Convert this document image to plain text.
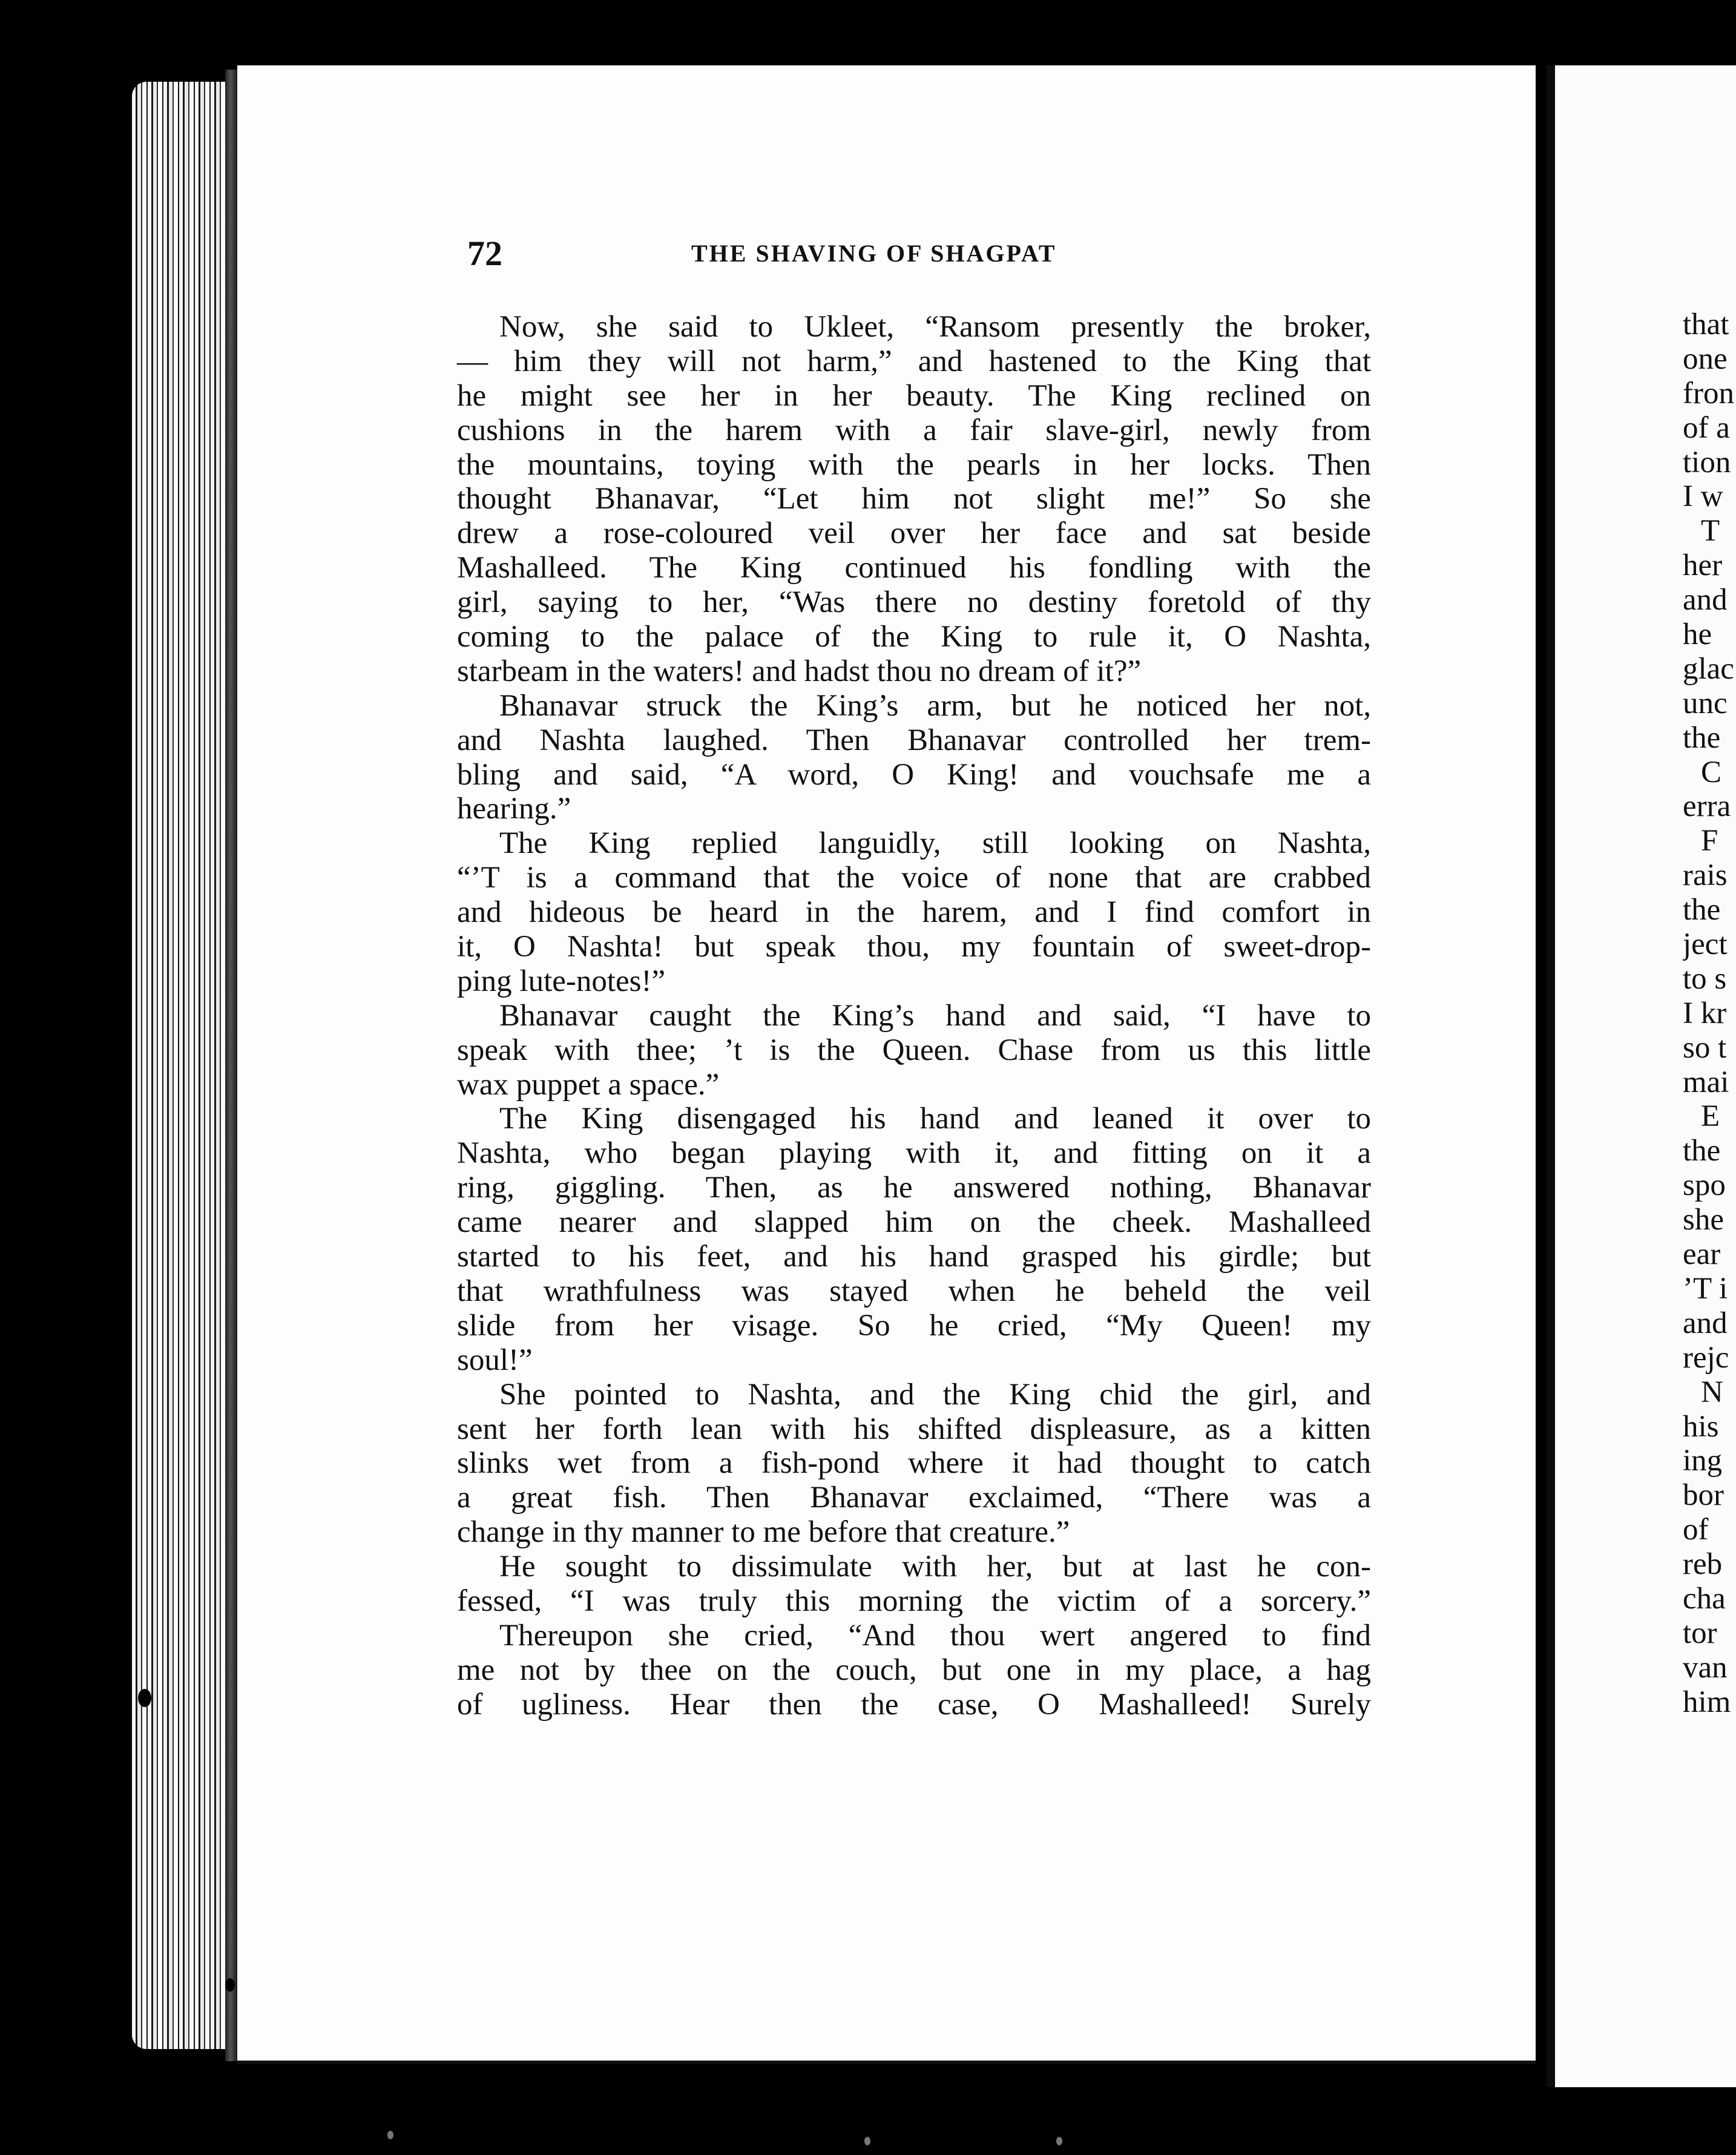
72	THE SHAVING OF SHAGPAT
Now, she said to Ukleet, “Ransom presently the broker,
— him they will not harm,” and hastened to the King that
he might see her in her beauty. The King reclined on
cushions in the harem with a fair slave-girl, newly from
the mountains, toying with the pearls in her locks. Then
thought Bhanavar, “Let him not slight me!” So she
drew a rose-coloured veil over her face and sat beside
Mashalleed. The King continued his fondling with the
girl, saying to her, “Was there no destiny foretold of thy
coming to the palace of the King to rule it, O Nashta,
starbeam in the waters! and hadst thou no dream of it?”
Bhanavar struck the King’s arm, but he noticed her not,
and Nashta laughed. Then Bhanavar controlled her trem-
bling and said, “A word, O King! and vouchsafe me a
hearing.”
The King replied languidly, still looking on Nashta,
“’T is a command that the voice of none that are crabbed
and hideous be heard in the harem, and I find comfort in
it, O Nashta! but speak thou, my fountain of sweet-drop-
ping lute-notes!”
Bhanavar caught the King’s hand and said, “I have to
speak with thee; ’t is the Queen. Chase from us this little
wax puppet a space.”
The King disengaged his hand and leaned it over to
Nashta, who began playing with it, and fitting on it a
ring, giggling. Then, as he answered nothing, Bhanavar
came nearer and slapped him on the cheek. Mashalleed
started to his feet, and his hand grasped his girdle; but
that wrathfulness was stayed when he beheld the veil
slide from her visage. So he cried, “My Queen! my
soul!”
She pointed to Nashta, and the King chid the girl, and
sent her forth lean with his shifted displeasure, as a kitten
slinks wet from a fish-pond where it had thought to catch
a great fish. Then Bhanavar exclaimed, “There was a
change in thy manner to me before that creature.”
He sought to dissimulate with her, but at last he con-
fessed, “I was truly this morning the victim of a sorcery.”
Thereupon she cried, “And thou wert angered to find
me not by thee on the couch, but one in my place, a hag
of ugliness. Hear then the case, O Mashalleed! Surely
that
one
fron
of a
tion
I w
T
her
and
he
glac
unc
the
C
erra
F
rais
the
ject
to s
I kr
so t
mai
E
the
spo
she
ear
’T i
and
rejc
N
his
ing
bor
of
reb
cha
tor
van
him
